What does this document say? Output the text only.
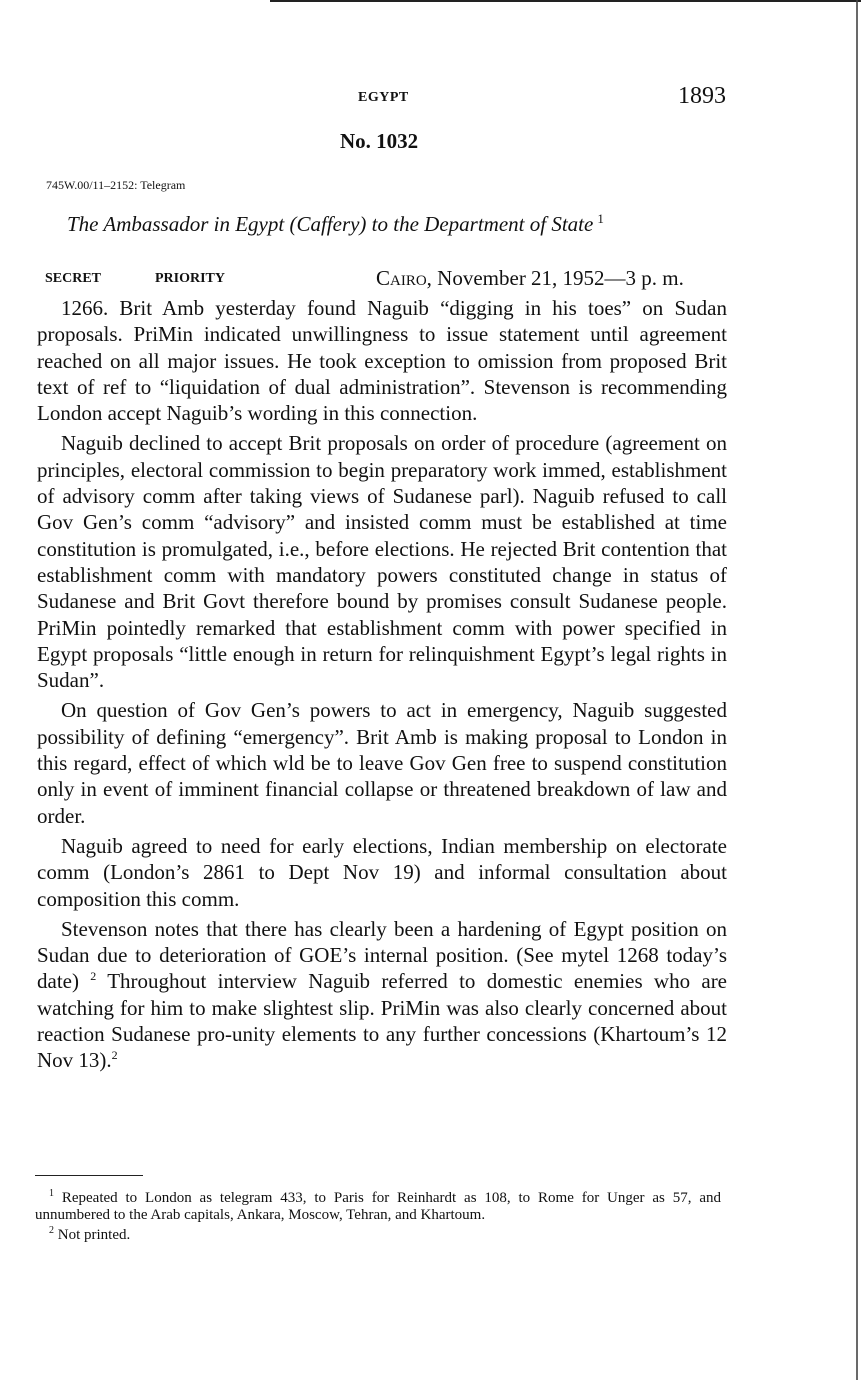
EGYPT	1893
No. 1032
745W.00/11–2152: Telegram
The Ambassador in Egypt (Caffery) to the Department of State $^1$
SECRET	PRIORITY	Cairo, November 21, 1952—3 p. m.

1266. Brit Amb yesterday found Naguib “digging in his toes” on Sudan proposals. PriMin indicated unwillingness to issue statement until agreement reached on all major issues. He took exception to omission from proposed Brit text of ref to “liquidation of dual administration”. Stevenson is recommending London accept Naguib’s wording in this connection.

Naguib declined to accept Brit proposals on order of procedure (agreement on principles, electoral commission to begin preparatory work immed, establishment of advisory comm after taking views of Sudanese parl). Naguib refused to call Gov Gen’s comm “advisory” and insisted comm must be established at time constitution is promulgated, i.e., before elections. He rejected Brit contention that establishment comm with mandatory powers constituted change in status of Sudanese and Brit Govt therefore bound by promises consult Sudanese people. PriMin pointedly remarked that establishment comm with power specified in Egypt proposals “little enough in return for relinquishment Egypt’s legal rights in Sudan”.

On question of Gov Gen’s powers to act in emergency, Naguib suggested possibility of defining “emergency”. Brit Amb is making proposal to London in this regard, effect of which wld be to leave Gov Gen free to suspend constitution only in event of imminent financial collapse or threatened breakdown of law and order.

Naguib agreed to need for early elections, Indian membership on electorate comm (London’s 2861 to Dept Nov 19) and informal consultation about composition this comm.

Stevenson notes that there has clearly been a hardening of Egypt position on Sudan due to deterioration of GOE’s internal position. (See mytel 1268 today’s date) $^2$ Throughout interview Naguib referred to domestic enemies who are watching for him to make slightest slip. PriMin was also clearly concerned about reaction Sudanese pro-unity elements to any further concessions (Khartoum’s 12 Nov 13).$^2$

$^1$ Repeated to London as telegram 433, to Paris for Reinhardt as 108, to Rome for Unger as 57, and unnumbered to the Arab capitals, Ankara, Moscow, Tehran, and Khartoum.

$^2$ Not printed.
